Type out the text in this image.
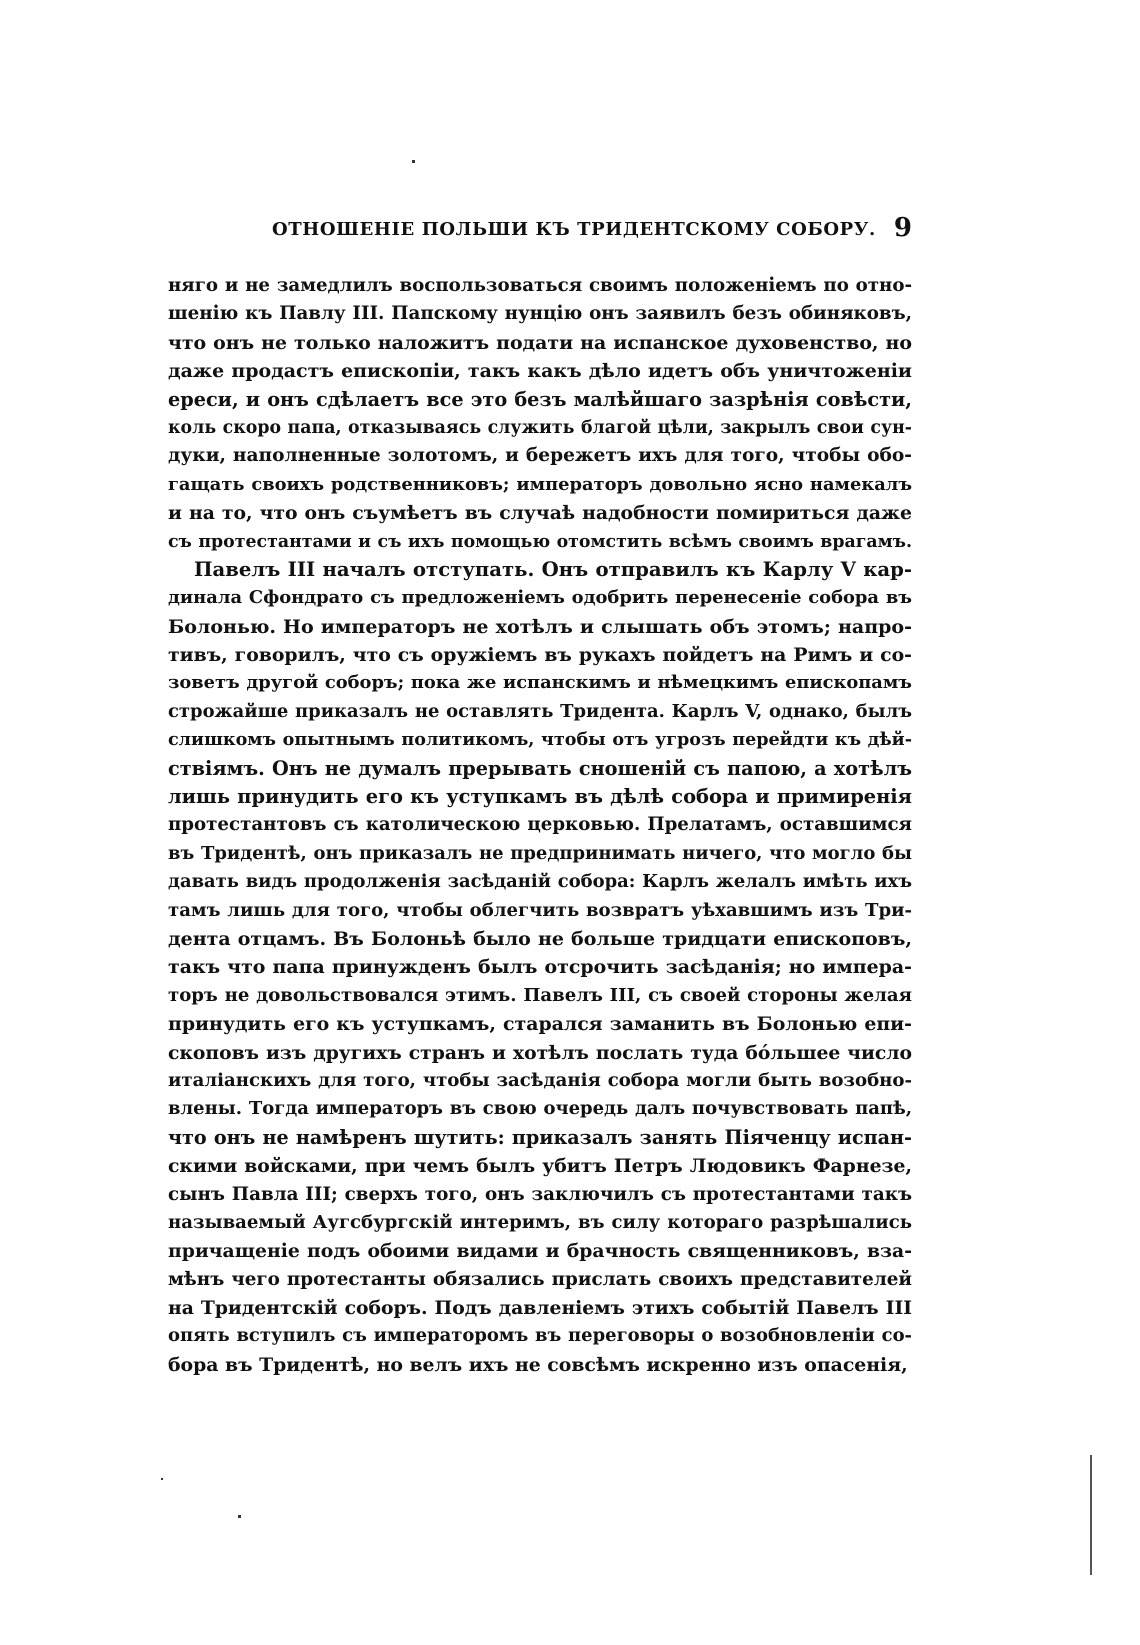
ОТНОШЕНІЕ ПОЛЬШИ КЪ ТРИДЕНТСКОМУ СОБОРУ. 9
няго и не замедлилъ воспользоваться своимъ положеніемъ по отно-
шенію къ Павлу III. Папскому нунцію онъ заявилъ безъ обиняковъ,
что онъ не только наложитъ подати на испанское духовенство, но
даже продастъ епископіи, такъ какъ дѣло идетъ объ уничтоженіи
ереси, и онъ сдѣлаетъ все это безъ малѣйшаго зазрѣнія совѣсти,
коль скоро папа, отказываясь служить благой цѣли, закрылъ свои сун-
дуки, наполненные золотомъ, и бережетъ ихъ для того, чтобы обо-
гащать своихъ родственниковъ; императоръ довольно ясно намекалъ
и на то, что онъ съумѣетъ въ случаѣ надобности помириться даже
съ протестантами и съ ихъ помощью отомстить всѣмъ своимъ врагамъ.
Павелъ III началъ отступать. Онъ отправилъ къ Карлу V кар-
динала Сфондрато съ предложеніемъ одобрить перенесеніе собора въ
Болонью. Но императоръ не хотѣлъ и слышать объ этомъ; напро-
тивъ, говорилъ, что съ оружіемъ въ рукахъ пойдетъ на Римъ и со-
зоветъ другой соборъ; пока же испанскимъ и нѣмецкимъ епископамъ
строжайше приказалъ не оставлять Тридента. Карлъ V, однако, былъ
слишкомъ опытнымъ политикомъ, чтобы отъ угрозъ перейдти къ дѣй-
ствіямъ. Онъ не думалъ прерывать сношеній съ папою, а хотѣлъ
лишь принудить его къ уступкамъ въ дѣлѣ собора и примиренія
протестантовъ съ католическою церковью. Прелатамъ, оставшимся
въ Тридентѣ, онъ приказалъ не предпринимать ничего, что могло бы
давать видъ продолженія засѣданій собора: Карлъ желалъ имѣть ихъ
тамъ лишь для того, чтобы облегчить возвратъ уѣхавшимъ изъ Три-
дента отцамъ. Въ Болоньѣ было не больше тридцати епископовъ,
такъ что папа принужденъ былъ отсрочить засѣданія; но импера-
торъ не довольствовался этимъ. Павелъ III, съ своей стороны желая
принудить его къ уступкамъ, старался заманить въ Болонью епи-
скоповъ изъ другихъ странъ и хотѣлъ послать туда бо́льшее число
италіанскихъ для того, чтобы засѣданія собора могли быть возобно-
влены. Тогда императоръ въ свою очередь далъ почувствовать папѣ,
что онъ не намѣренъ шутить: приказалъ занять Піяченцу испан-
скими войсками, при чемъ былъ убитъ Петръ Людовикъ Фарнезе,
сынъ Павла III; сверхъ того, онъ заключилъ съ протестантами такъ
называемый Аугсбургскій интеримъ, въ силу котораго разрѣшались
причащеніе подъ обоими видами и брачность священниковъ, вза-
мѣнъ чего протестанты обязались прислать своихъ представителей
на Тридентскій соборъ. Подъ давленіемъ этихъ событій Павелъ III
опять вступилъ съ императоромъ въ переговоры о возобновленіи со-
бора въ Тридентѣ, но велъ ихъ не совсѣмъ искренно изъ опасенія,
